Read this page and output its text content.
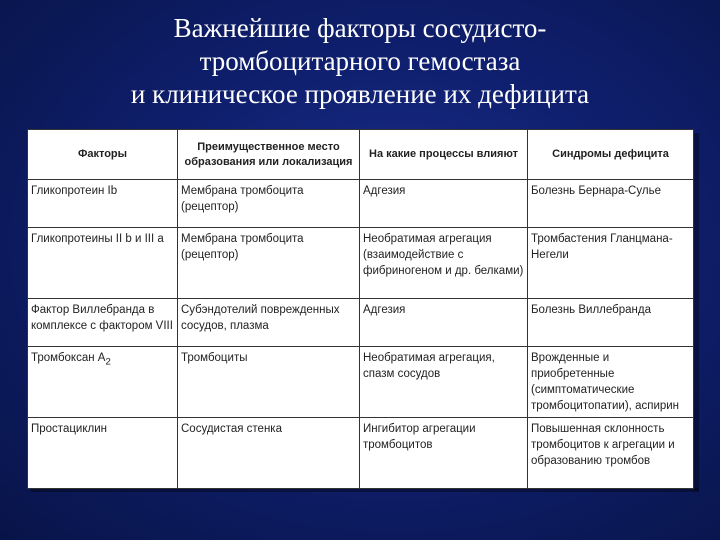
Важнейшие факторы сосудисто-
тромбоцитарного гемостаза
и клиническое проявление их дефицита
Факторы	Преимущественное место образования или локализация	На какие процессы влияют	Синдромы дефицита
Гликопротеин Ib	Мембрана тромбоцита (рецептор)	Адгезия	Болезнь Бернара-Сулье
Гликопротеины II b и III a	Мембрана тромбоцита (рецептор)	Необратимая агрегация (взаимодействие с фибриногеном и др. белками)	Тромбастения Гланцмана-Негели
Фактор Виллебранда в комплексе с фактором VIII	Субэндотелий поврежденных сосудов, плазма	Адгезия	Болезнь Виллебранда
Тромбоксан $A_2$	Тромбоциты	Необратимая агрегация, спазм сосудов	Врожденные и приобретенные (симптоматические тромбоцитопатии), аспирин
Простациклин	Сосудистая стенка	Ингибитор агрегации тромбоцитов	Повышенная склонность тромбоцитов к агрегации и образованию тромбов
